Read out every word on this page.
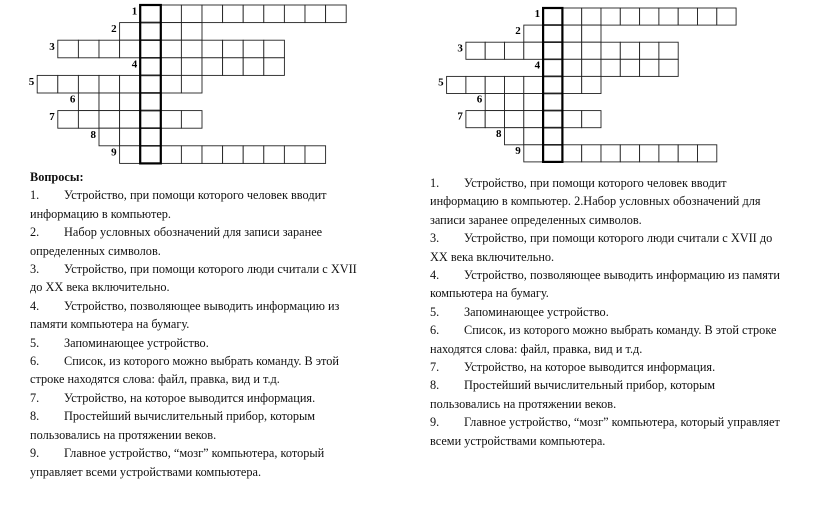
1
2
3
4
5
6
7
8
9

Вопросы:

1. Устройство, при помощи которого человек вводит информацию в компьютер.

2. Набор условных обозначений для записи заранее определенных символов.

3. Устройство, при помощи которого люди считали с XVII до XX века включительно.

4. Устройство, позволяющее выводить информацию из памяти компьютера на бумагу.

5. Запоминающее устройство.

6. Список, из которого можно выбрать команду. В этой строке находятся слова: файл, правка, вид и т.д.

7. Устройство, на которое выводится информация.

8. Простейший вычислительный прибор, которым пользовались на протяжении веков.

9. Главное устройство, “мозг” компьютера, который управляет всеми устройствами компьютера.

1
2
3
4
5
6
7
8
9

1. Устройство, при помощи которого человек вводит информацию в компьютер. 2.Набор условных обозначений для записи заранее определенных символов.

3. Устройство, при помощи которого люди считали с XVII до XX века включительно.

4. Устройство, позволяющее выводить информацию из памяти компьютера на бумагу.

5. Запоминающее устройство.

6. Список, из которого можно выбрать команду. В этой строке находятся слова: файл, правка, вид и т.д.

7. Устройство, на которое выводится информация.

8. Простейший вычислительный прибор, которым пользовались на протяжении веков.

9. Главное устройство, “мозг” компьютера, который управляет всеми устройствами компьютера.
